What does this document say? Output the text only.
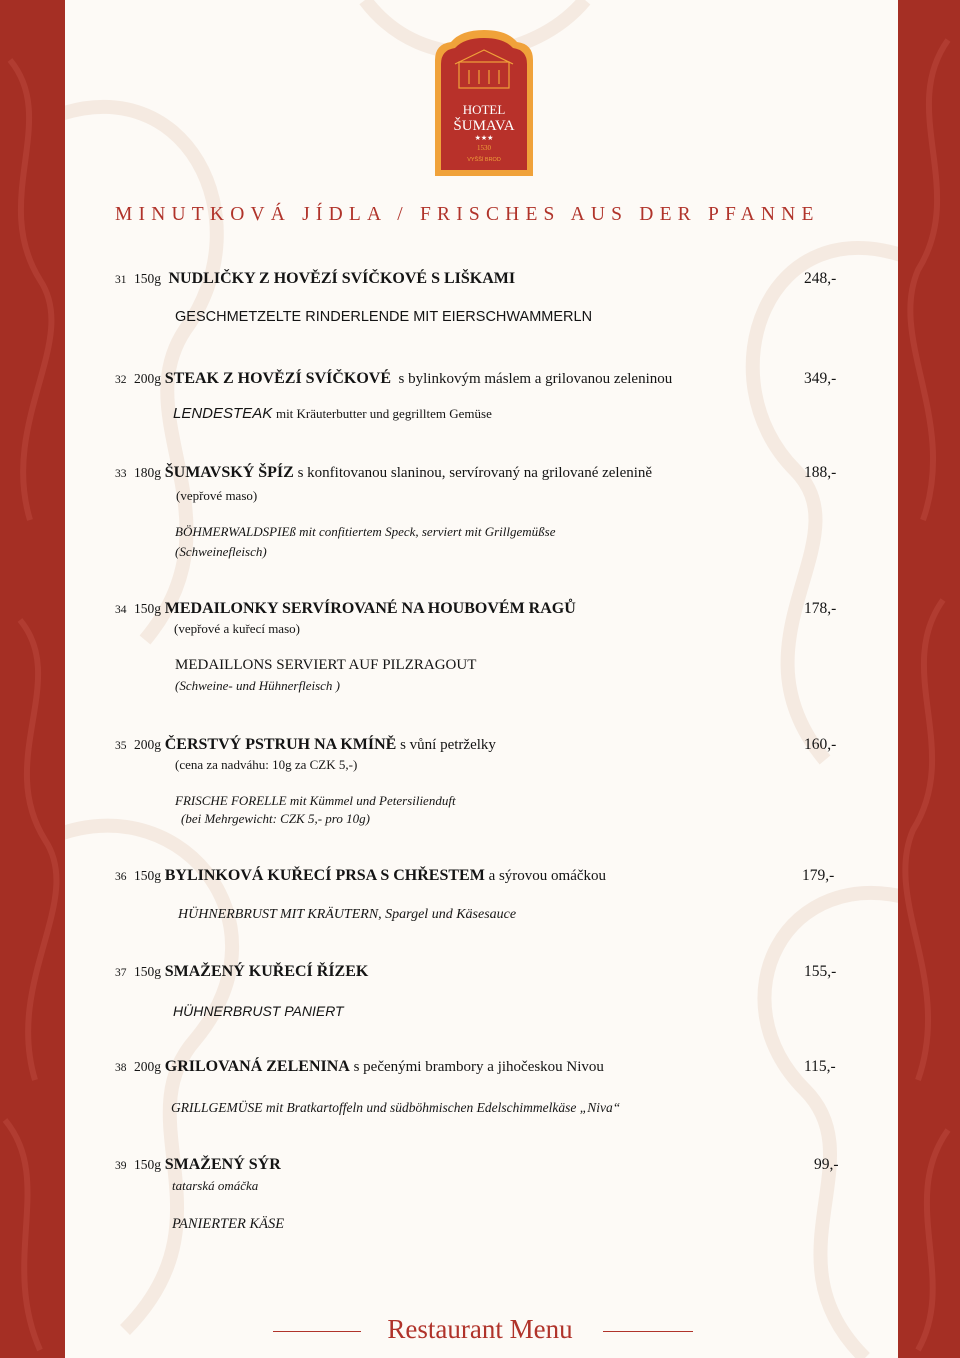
HOTEL
ŠUMAVA
★★★
1530
VYŠŠÍ BROD
MINUTKOVÁ JÍDLA / FRISCHES AUS DER PFANNE
31 150g NUDLIČKY Z HOVĚZÍ SVÍČKOVÉ S LIŠKAMI	248,-
GESCHMETZELTE RINDERLENDE MIT EIERSCHWAMMERLN
32 200g STEAK Z HOVĚZÍ SVÍČKOVÉ s bylinkovým máslem a grilovanou zeleninou	349,-
LENDESTEAK mit Kräuterbutter und gegrilltem Gemüse
33 180g ŠUMAVSKÝ ŠPÍZ s konfitovanou slaninou, servírovaný na grilované zelenině	188,-
(vepřové maso)
BÖHMERWALDSPIEß mit confitiertem Speck, serviert mit Grillgemüßse
(Schweinefleisch)
34 150g MEDAILONKY SERVÍROVANÉ NA HOUBOVÉM RAGŮ	178,-
(vepřové a kuřecí maso)
MEDAILLONS SERVIERT AUF PILZRAGOUT
(Schweine- und Hühnerfleisch )
35 200g ČERSTVÝ PSTRUH NA KMÍNĚ s vůní petrželky	160,-
(cena za nadváhu: 10g za CZK 5,-)
FRISCHE FORELLE mit Kümmel und Petersilienduft
(bei Mehrgewicht: CZK 5,- pro 10g)
36 150g BYLINKOVÁ KUŘECÍ PRSA S CHŘESTEM a sýrovou omáčkou	179,-
HÜHNERBRUST MIT KRÄUTERN, Spargel und Käsesauce
37 150g SMAŽENÝ KUŘECÍ ŘÍZEK	155,-
HÜHNERBRUST PANIERT
38 200g GRILOVANÁ ZELENINA s pečenými brambory a jihočeskou Nivou	115,-
GRILLGEMÜSE mit Bratkartoffeln und südböhmischen Edelschimmelkäse „Niva“
39 150g SMAŽENÝ SÝR	99,-
tatarská omáčka
PANIERTER KÄSE
Restaurant Menu
